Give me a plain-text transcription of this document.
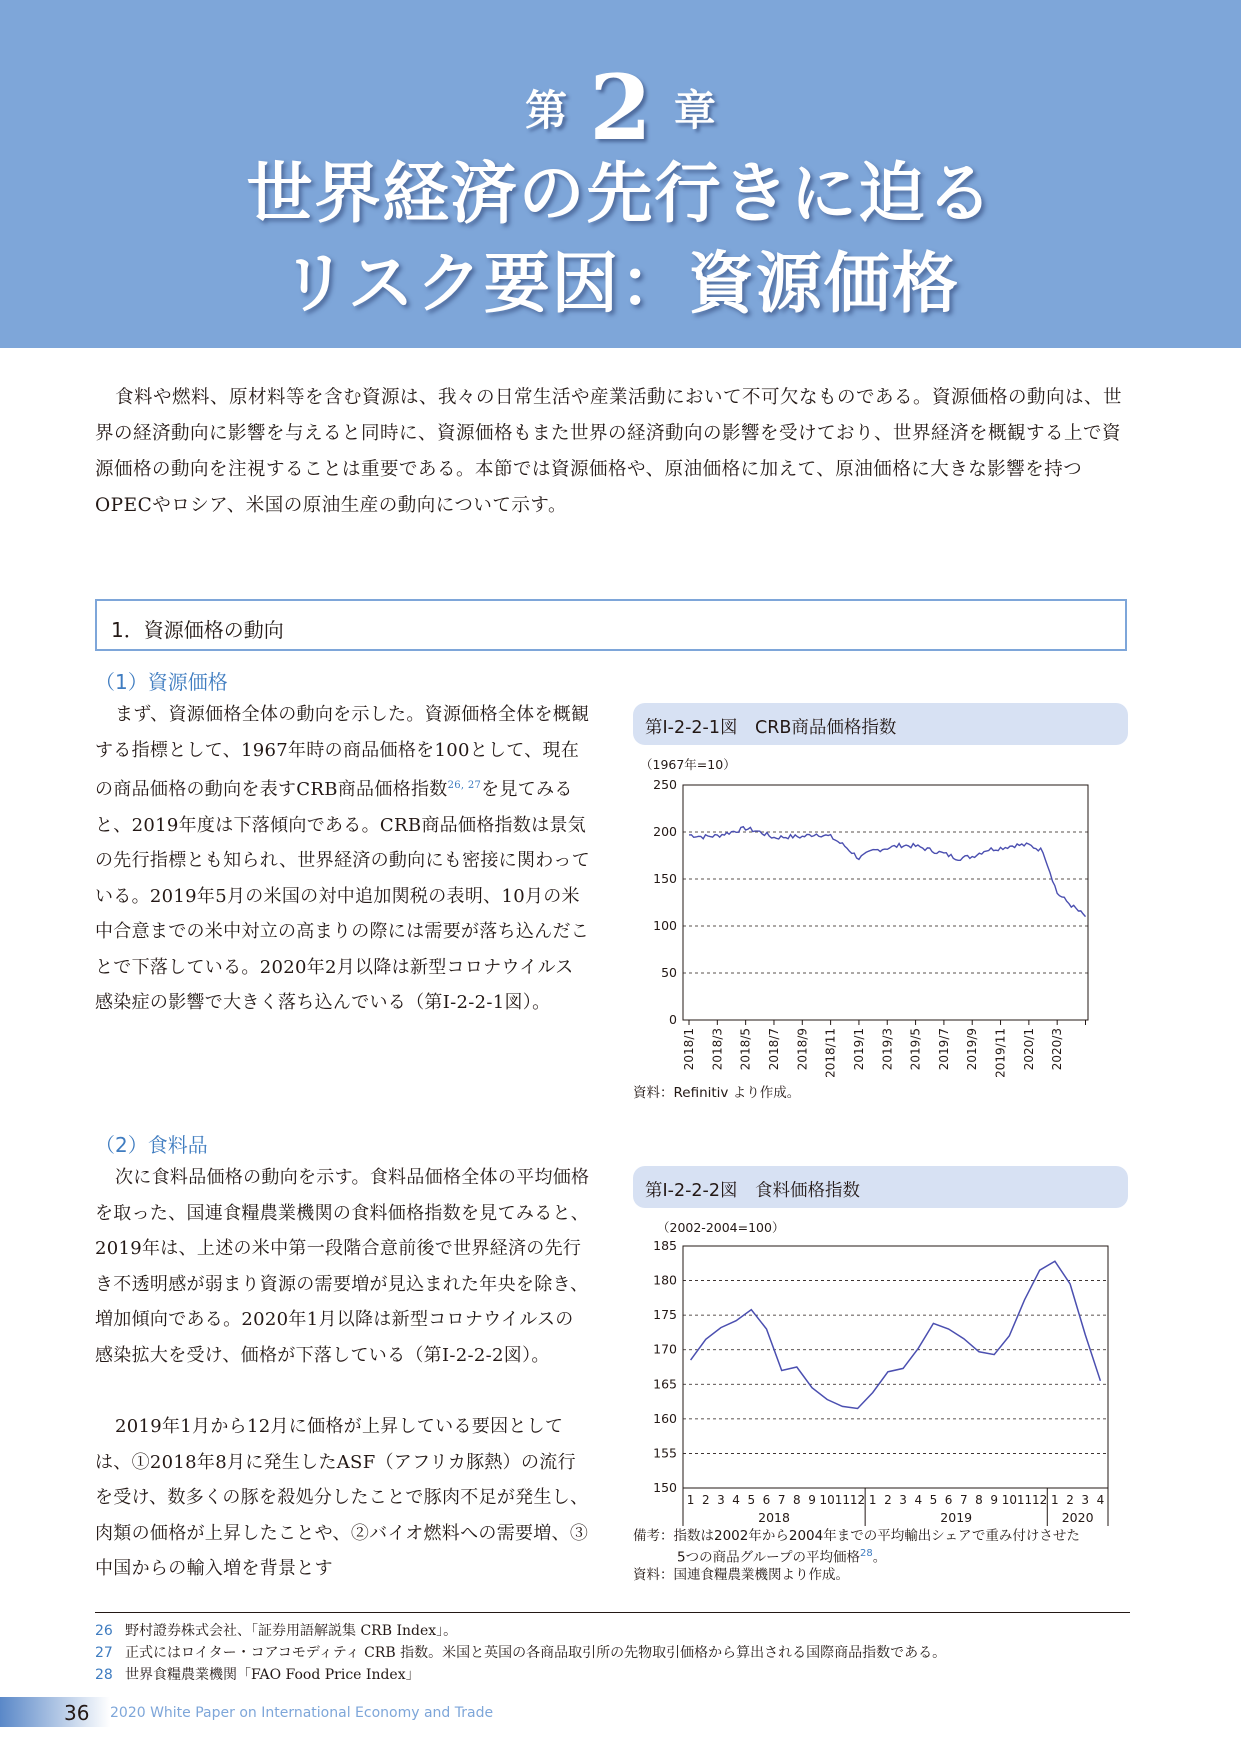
第 2 章
世界経済の先行きに迫る
リスク要因：資源価格

食料や燃料、原材料等を含む資源は、我々の日常生活や産業活動において不可欠なものである。資源価格の動向は、世界の経済動向に影響を与えると同時に、資源価格もまた世界の経済動向の影響を受けており、世界経済を概観する上で資源価格の動向を注視することは重要である。本節では資源価格や、原油価格に加えて、原油価格に大きな影響を持つOPECやロシア、米国の原油生産の動向について示す。

1．資源価格の動向
（1）資源価格

まず、資源価格全体の動向を示した。資源価格全体を概観する指標として、1967年時の商品価格を100として、現在の商品価格の動向を表すCRB商品価格指数$^{26, 27}$を見てみると、2019年度は下落傾向である。CRB商品価格指数は景気の先行指標とも知られ、世界経済の動向にも密接に関わっている。2019年5月の米国の対中追加関税の表明、10月の米中合意までの米中対立の高まりの際には需要が落ち込んだことで下落している。2020年2月以降は新型コロナウイルス感染症の影響で大きく落ち込んでいる（第Ⅰ-2-2-1図）。

（2）食料品

次に食料品価格の動向を示す。食料品価格全体の平均価格を取った、国連食糧農業機関の食料価格指数を見てみると、2019年は、上述の米中第一段階合意前後で世界経済の先行き不透明感が弱まり資源の需要増が見込まれた年央を除き、増加傾向である。2020年1月以降は新型コロナウイルスの感染拡大を受け、価格が下落している（第Ⅰ-2-2-2図）。

2019年1月から12月に価格が上昇している要因としては、①2018年8月に発生したASF（アフリカ豚熱）の流行を受け、数多くの豚を殺処分したことで豚肉不足が発生し、肉類の価格が上昇したことや、②バイオ燃料への需要増、③中国からの輸入増を背景とす

第Ⅰ-2-2-1図　CRB商品価格指数
（1967年=10）
0
50
100
150
200
250
2018/1 2018/3 2018/5 2018/7 2018/9 2018/11 2019/1 2019/3 2019/5 2019/7 2019/9 2019/11 2020/1 2020/3
資料：Refinitiv より作成。
第Ⅰ-2-2-2図　食料価格指数
（2002-2004=100）
150
155
160
165
170
175
180
185
1 2 3 4 5 6 7 8 9 10 11 12 1 2 3 4 5 6 7 8 9 10 11 12 1 2 3 4
2018	2019	2020
備考：指数は2002年から2004年までの平均輸出シェアで重み付けさせた
5つの商品グループの平均価格$^{28}$。
資料：国連食糧農業機関より作成。
26 野村證券株式会社、「証券用語解説集 CRB Index」。
27 正式にはロイター・コアコモディティ CRB 指数。米国と英国の各商品取引所の先物取引価格から算出される国際商品指数である。
28 世界食糧農業機関「FAO Food Price Index」
36 2020 White Paper on International Economy and Trade
